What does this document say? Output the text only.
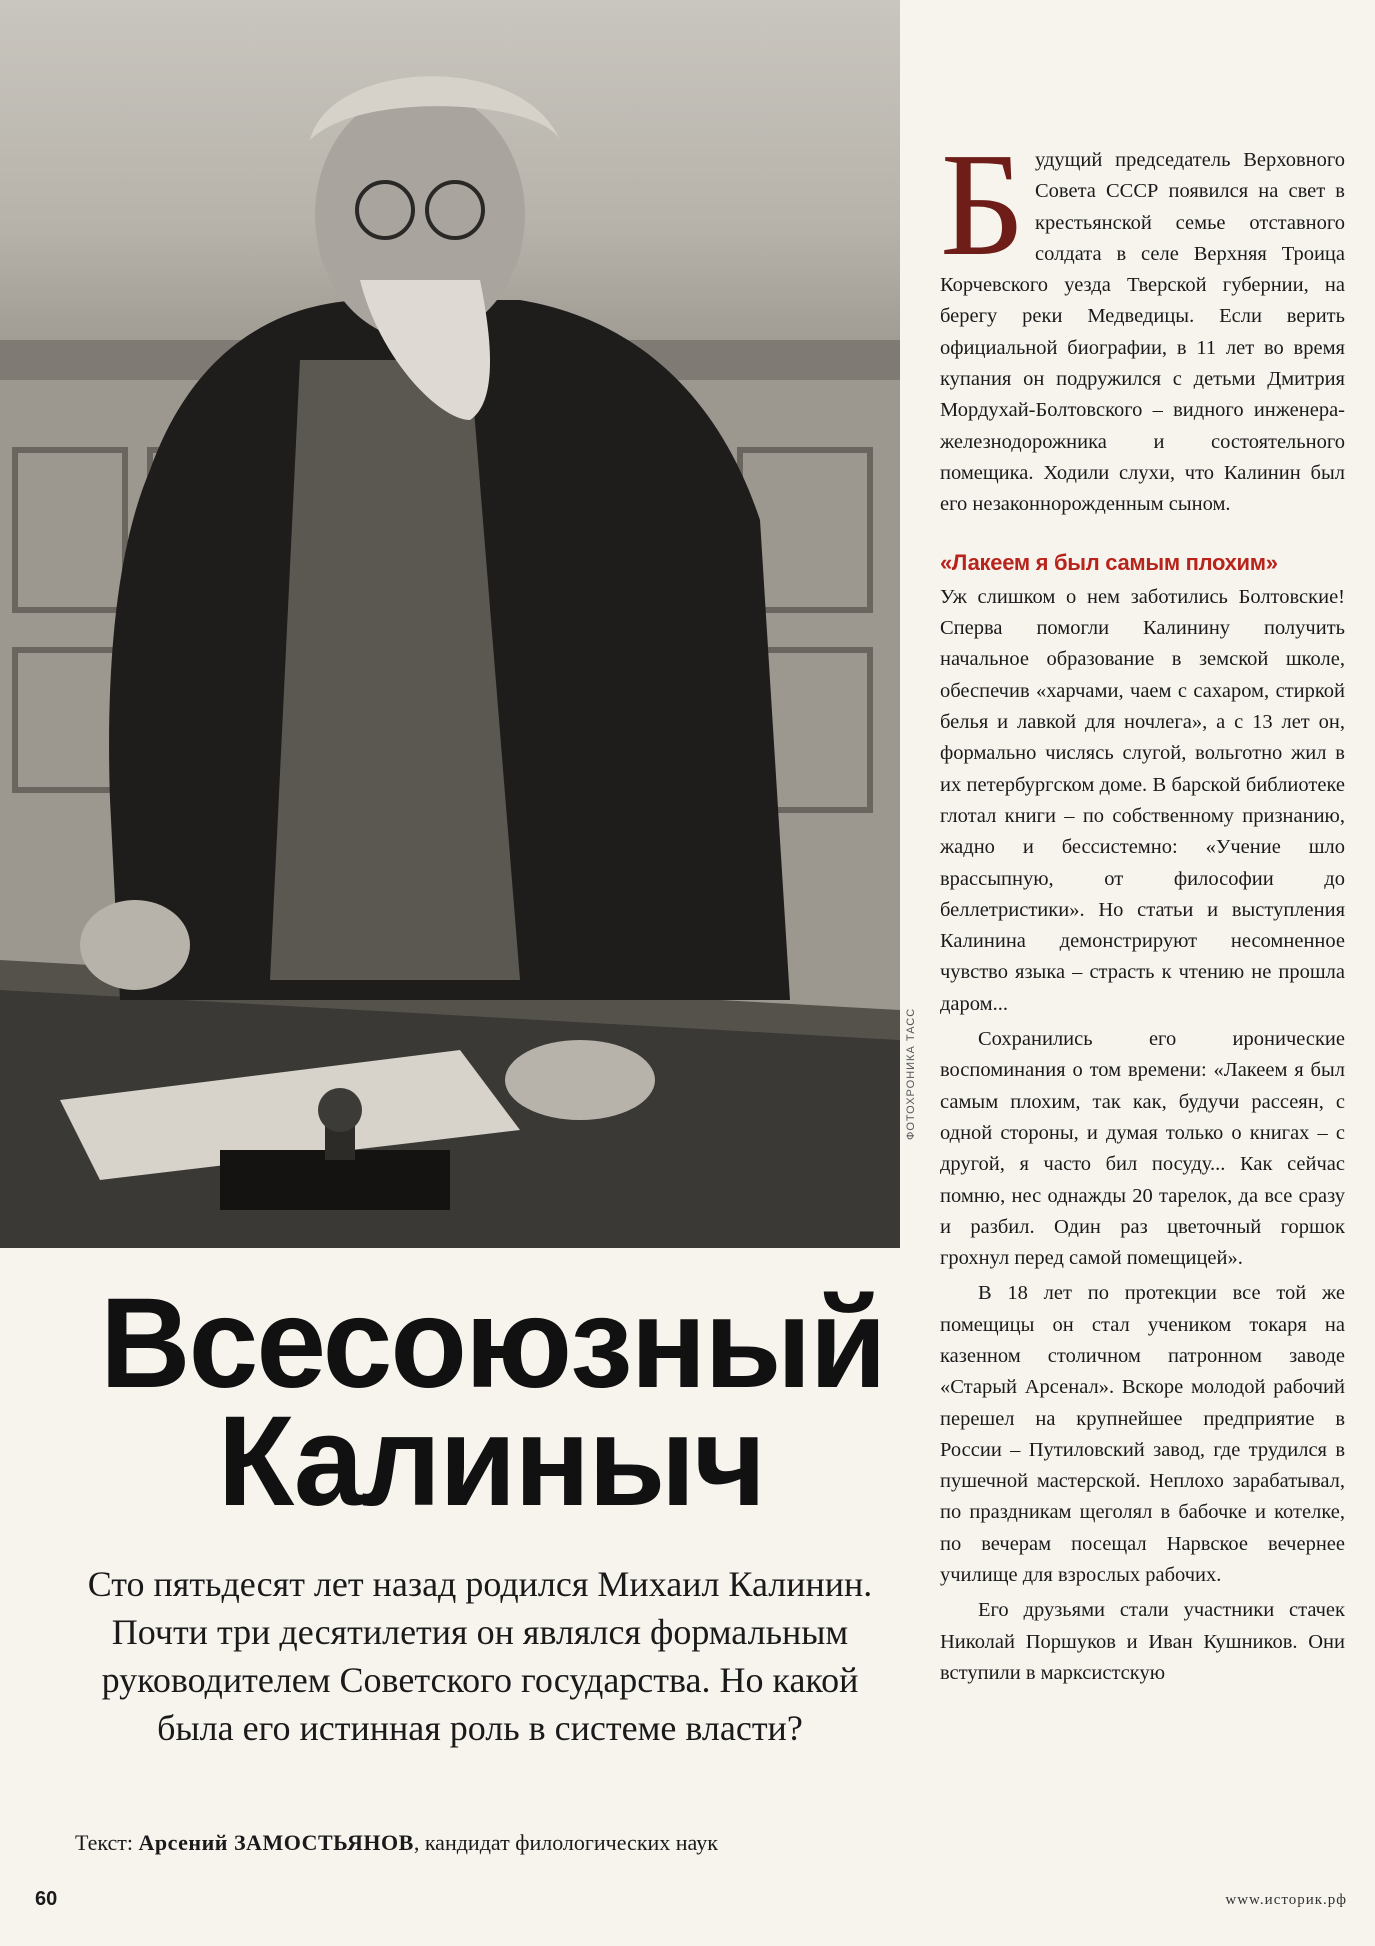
ФОТОХРОНИКА ТАСС
Всесоюзный
Калиныч
Сто пятьдесят лет назад родился Михаил Калинин. Почти три десятилетия он являлся формальным руководителем Советского государства. Но какой была его истинная роль в системе власти?
Текст: Арсений ЗАМОСТЬЯНОВ, кандидат филологических наук

Будущий председатель Верховного Совета СССР появился на свет в крестьянской семье отставного солдата в селе Верхняя Троица Корчевского уезда Тверской губернии, на берегу реки Медведицы. Если верить официальной биографии, в 11 лет во время купания он подружился с детьми Дмитрия Мордухай-Болтовского – видного инженера-железнодорожника и состоятельного помещика. Ходили слухи, что Калинин был его незаконнорожденным сыном.

«Лакеем я был самым плохим»

Уж слишком о нем заботились Болтовские! Сперва помогли Калинину получить начальное образование в земской школе, обеспечив «харчами, чаем с сахаром, стиркой белья и лавкой для ночлега», а с 13 лет он, формально числясь слугой, вольготно жил в их петербургском доме. В барской библиотеке глотал книги – по собственному признанию, жадно и бессистемно: «Учение шло врассыпную, от философии до беллетристики». Но статьи и выступления Калинина демонстрируют несомненное чувство языка – страсть к чтению не прошла даром...

Сохранились его иронические воспоминания о том времени: «Лакеем я был самым плохим, так как, будучи рассеян, с одной стороны, и думая только о книгах – с другой, я часто бил посуду... Как сейчас помню, нес однажды 20 тарелок, да все сразу и разбил. Один раз цветочный горшок грохнул перед самой помещицей».

В 18 лет по протекции все той же помещицы он стал учеником токаря на казенном столичном патронном заводе «Старый Арсенал». Вскоре молодой рабочий перешел на крупнейшее предприятие в России – Путиловский завод, где трудился в пушечной мастерской. Неплохо зарабатывал, по праздникам щеголял в бабочке и котелке, по вечерам посещал Нарвское вечернее училище для взрослых рабочих.

Его друзьями стали участники стачек Николай Поршуков и Иван Кушников. Они вступили в марксистскую

60	www.историк.рф
